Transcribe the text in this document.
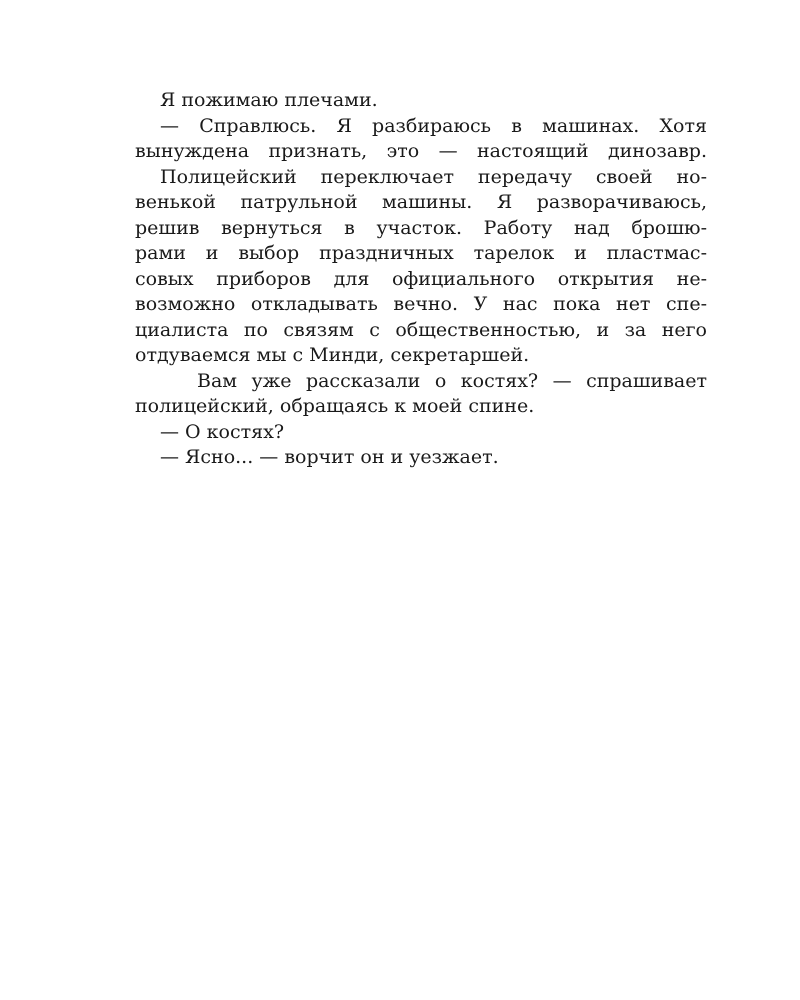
Я пожимаю плечами.
— Справлюсь. Я разбираюсь в машинах. Хотя
вынуждена признать, это — настоящий динозавр.
Полицейский переключает передачу своей но-
венькой патрульной машины. Я разворачиваюсь,
решив вернуться в участок. Работу над брошю-
рами и выбор праздничных тарелок и пластмас-
совых приборов для официального открытия не-
возможно откладывать вечно. У нас пока нет спе-
циалиста по связям с общественностью, и за него
отдуваемся мы с Минди, секретаршей.
Вам уже рассказали о костях? — спрашивает
полицейский, обращаясь к моей спине.
— О костях?
— Ясно... — ворчит он и уезжает.
